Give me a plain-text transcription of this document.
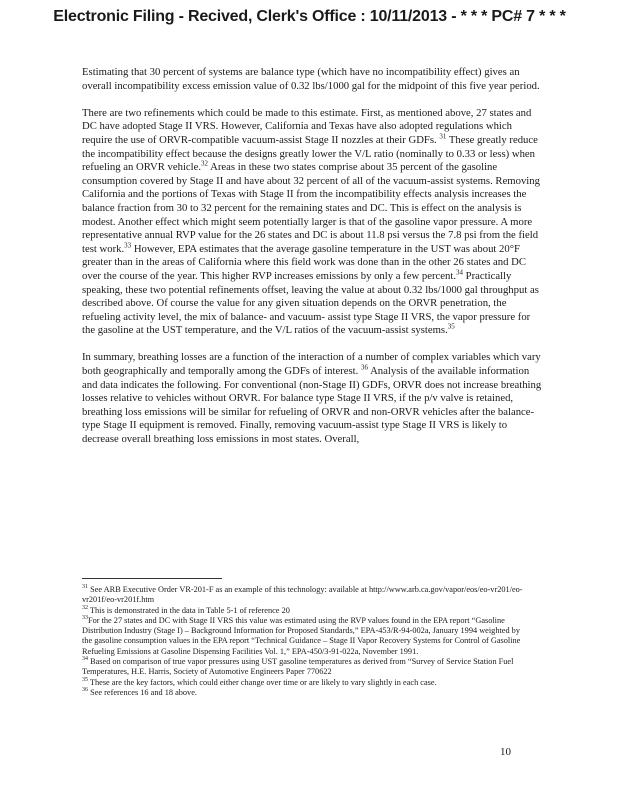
Electronic Filing - Recived, Clerk's Office : 10/11/2013 - * * * PC# 7 * * *

Estimating that 30 percent of systems are balance type (which have no incompatibility effect) gives an overall incompatibility excess emission value of 0.32 lbs/1000 gal for the midpoint of this five year period.

There are two refinements which could be made to this estimate. First, as mentioned above, 27 states and DC have adopted Stage II VRS. However, California and Texas have also adopted regulations which require the use of ORVR-compatible vacuum-assist Stage II nozzles at their GDFs. $^{31}$ These greatly reduce the incompatibility effect because the designs greatly lower the V/L ratio (nominally to 0.33 or less) when refueling an ORVR vehicle.$^{32}$ Areas in these two states comprise about 35 percent of the gasoline consumption covered by Stage II and have about 32 percent of all of the vacuum-assist systems. Removing California and the portions of Texas with Stage II from the incompatibility effects analysis increases the balance fraction from 30 to 32 percent for the remaining states and DC. This is effect on the analysis is modest. Another effect which might seem potentially larger is that of the gasoline vapor pressure. A more representative annual RVP value for the 26 states and DC is about 11.8 psi versus the 7.8 psi from the field test work.$^{33}$ However, EPA estimates that the average gasoline temperature in the UST was about 20°F greater than in the areas of California where this field work was done than in the other 26 states and DC over the course of the year. This higher RVP increases emissions by only a few percent.$^{34}$ Practically speaking, these two potential refinements offset, leaving the value at about 0.32 lbs/1000 gal throughput as described above. Of course the value for any given situation depends on the ORVR penetration, the refueling activity level, the mix of balance- and vacuum- assist type Stage II VRS, the vapor pressure for the gasoline at the UST temperature, and the V/L ratios of the vacuum-assist systems.$^{35}$

In summary, breathing losses are a function of the interaction of a number of complex variables which vary both geographically and temporally among the GDFs of interest. $^{36}$ Analysis of the available information and data indicates the following. For conventional (non-Stage II) GDFs, ORVR does not increase breathing losses relative to vehicles without ORVR. For balance type Stage II VRS, if the p/v valve is retained, breathing loss emissions will be similar for refueling of ORVR and non-ORVR vehicles after the balance-type Stage II equipment is removed. Finally, removing vacuum-assist type Stage II VRS is likely to decrease overall breathing loss emissions in most states. Overall,

$^{31}$ See ARB Executive Order VR-201-F as an example of this technology: available at http://www.arb.ca.gov/vapor/eos/eo-vr201/eo-vr201f/eo-vr201f.htm

$^{32}$ This is demonstrated in the data in Table 5-1 of reference 20

$^{33}$For the 27 states and DC with Stage II VRS this value was estimated using the RVP values found in the EPA report “Gasoline Distribution Industry (Stage I) – Background Information for Proposed Standards,” EPA-453/R-94-002a, January 1994 weighted by the gasoline consumption values in the EPA report “Technical Guidance – Stage II Vapor Recovery Systems for Control of Gasoline Refueling Emissions at Gasoline Dispensing Facilities Vol. 1,” EPA-450/3-91-022a, November 1991.

$^{34}$ Based on comparison of true vapor pressures using UST gasoline temperatures as derived from “Survey of Service Station Fuel Temperatures, H.E. Harris, Society of Automotive Engineers Paper 770622

$^{35}$ These are the key factors, which could either change over time or are likely to vary slightly in each case.

$^{36}$ See references 16 and 18 above.

10
